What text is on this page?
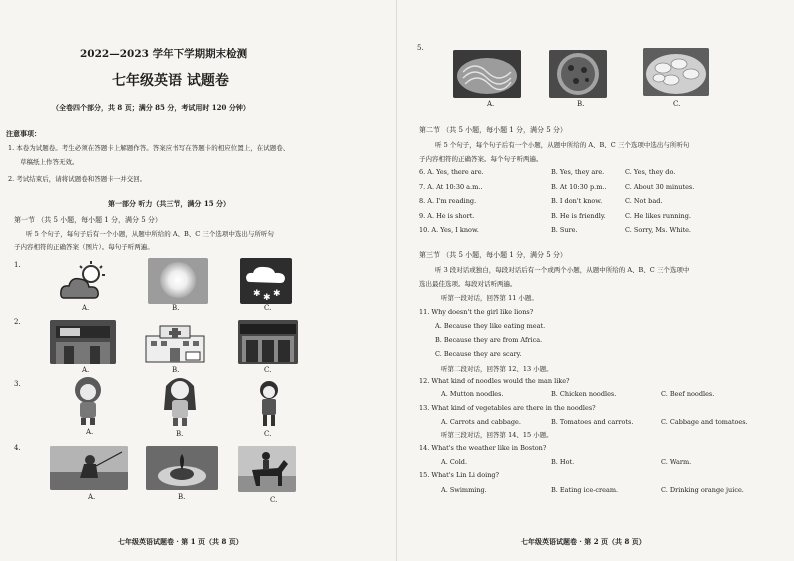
2022—2023 学年下学期期末检测
七年级英语 试题卷
（全卷四个部分，共 8 页；满分 85 分，考试用时 120 分钟）
注意事项：
1. 本卷为试题卷。考生必须在答题卡上解题作答。答案应书写在答题卡的相应位置上，在试题卷、
草稿纸上作答无效。
2. 考试结束后，请将试题卷和答题卡一并交回。
第一部分 听力（共三节，满分 15 分）
第一节 （共 5 小题，每小题 1 分，满分 5 分）
听 5 个句子，每句子后有一个小题，从题中所给的 A、B、C 三个选项中选出与所听句
子内容相符的正确答案（图片）。每句子听两遍。
1.
A.	B.
✱ ✱ ✱
C.
2.
A.	B.	C.
3.
A.	B.	C.
4.
A.	B.	C.
七年级英语试题卷 · 第 1 页（共 8 页）
5.
A.	B.	C.
第二节 （共 5 小题，每小题 1 分，满分 5 分）
听 5 个句子，每个句子后有一个小题，从题中所给的 A、B、C 三个选项中选出与所听句
子内容相符的正确答案。每个句子听两遍。
6. A. Yes, there are.	B. Yes, they are.	C. Yes, they do.
7. A. At 10:30 a.m..	B. At 10:30 p.m..	C. About 30 minutes.
8. A. I'm reading.	B. I don't know.	C. Not bad.
9. A. He is short.	B. He is friendly.	C. He likes running.
10. A. Yes, I know.	B. Sure.	C. Sorry, Ms. White.
第三节 （共 5 小题，每小题 1 分，满分 5 分）
听 3 段对话或独白，每段对话后有一个或两个小题，从题中所给的 A、B、C 三个选项中
选出最佳选项。每段对话听两遍。
听第一段对话，回答第 11 小题。
11. Why doesn't the girl like lions?
A. Because they like eating meat.
B. Because they are from Africa.
C. Because they are scary.
听第二段对话，回答第 12、13 小题。
12. What kind of noodles would the man like?
A. Mutton noodles.	B. Chicken noodles.	C. Beef noodles.
13. What kind of vegetables are there in the noodles?
A. Carrots and cabbage.	B. Tomatoes and carrots.	C. Cabbage and tomatoes.
听第三段对话，回答第 14、15 小题。
14. What's the weather like in Boston?
A. Cold.	B. Hot.	C. Warm.
15. What's Lin Li doing?
A. Swimming.	B. Eating ice-cream.	C. Drinking orange juice.
七年级英语试题卷 · 第 2 页（共 8 页）
